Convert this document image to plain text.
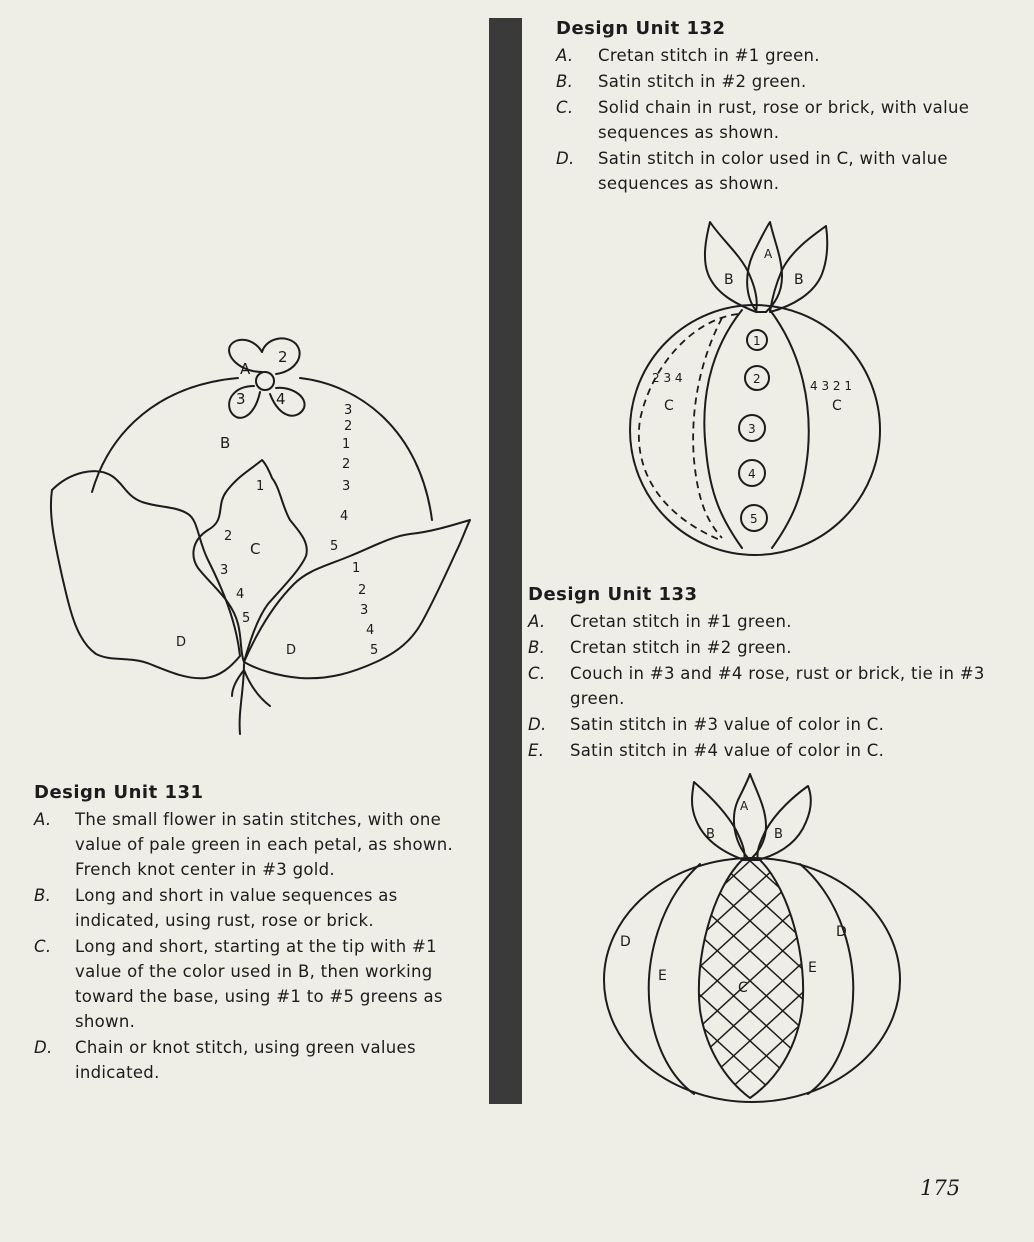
Design Unit 132
A.	Cretan stitch in #1 green.
B.	Satin stitch in #2 green.
C.	Solid chain in rust, rose or brick, with value sequences as shown.
D.	Satin stitch in color used in C, with value sequences as shown.
Design Unit 133
A.	Cretan stitch in #1 green.
B.	Cretan stitch in #2 green.
C.	Couch in #3 and #4 rose, rust or brick, tie in #3 green.
D.	Satin stitch in #3 value of color in C.
E.	Satin stitch in #4 value of color in C.
Design Unit 131
A.	The small flower in satin stitches, with one value of pale green in each petal, as shown. French knot center in #3 gold.
B.	Long and short in value sequences as indicated, using rust, rose or brick.
C.	Long and short, starting at the tip with #1 value of the color used in B, then working toward the base, using #1 to #5 greens as shown.
D.	Chain or knot stitch, using green values indicated.
A
2
3 4
B
C
D
D
3
2
1
2
3
4
5
1
2
3
4
5
1
2
3
4
5
A
B	B
C	C
2 3 4
4 3 2 1
1
2
3
4
5
A
B	B
C
D
D
E	E
175
